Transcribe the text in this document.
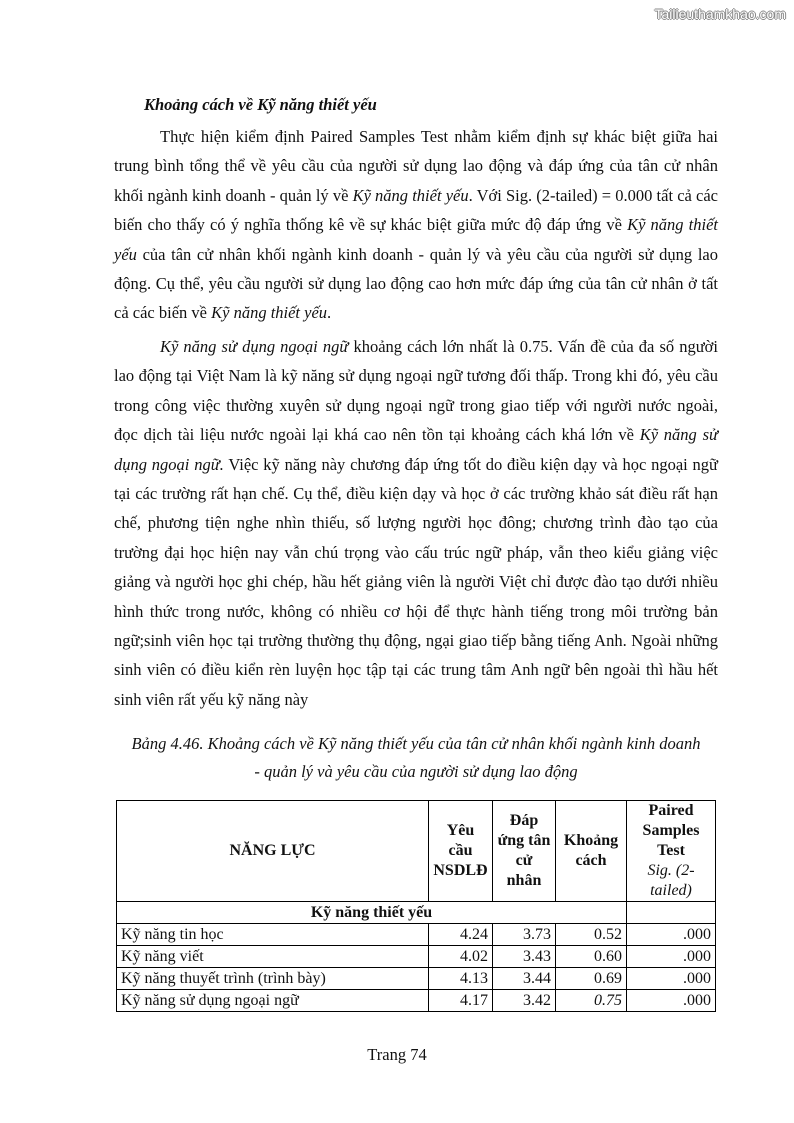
Tailieuthamkhao.com
Khoảng cách về Kỹ năng thiết yếu

Thực hiện kiểm định Paired Samples Test nhằm kiểm định sự khác biệt giữa hai trung bình tổng thể về yêu cầu của người sử dụng lao động và đáp ứng của tân cử nhân khối ngành kinh doanh - quản lý về Kỹ năng thiết yếu. Với Sig. (2-tailed) = 0.000 tất cả các biến cho thấy có ý nghĩa thống kê về sự khác biệt giữa mức độ đáp ứng về Kỹ năng thiết yếu của tân cử nhân khối ngành kinh doanh - quản lý và yêu cầu của người sử dụng lao động. Cụ thể, yêu cầu người sử dụng lao động cao hơn mức đáp ứng của tân cử nhân ở tất cả các biến về Kỹ năng thiết yếu.

Kỹ năng sử dụng ngoại ngữ khoảng cách lớn nhất là 0.75. Vấn đề của đa số người lao động tại Việt Nam là kỹ năng sử dụng ngoại ngữ tương đối thấp. Trong khi đó, yêu cầu trong công việc thường xuyên sử dụng ngoại ngữ trong giao tiếp với người nước ngoài, đọc dịch tài liệu nước ngoài lại khá cao nên tồn tại khoảng cách khá lớn về Kỹ năng sử dụng ngoại ngữ. Việc kỹ năng này chương đáp ứng tốt do điều kiện dạy và học ngoại ngữ tại các trường rất hạn chế. Cụ thể, điều kiện dạy và học ở các trường khảo sát điều rất hạn chế, phương tiện nghe nhìn thiếu, số lượng người học đông; chương trình đào tạo của trường đại học hiện nay vẫn chú trọng vào cấu trúc ngữ pháp, vẫn theo kiểu giảng việc giảng và người học ghi chép, hầu hết giảng viên là người Việt chỉ được đào tạo dưới nhiều hình thức trong nước, không có nhiều cơ hội để thực hành tiếng trong môi trường bản ngữ;sinh viên học tại trường thường thụ động, ngại giao tiếp bằng tiếng Anh. Ngoài những sinh viên có điều kiển rèn luyện học tập tại các trung tâm Anh ngữ bên ngoài thì hầu hết sinh viên rất yếu kỹ năng này

Bảng 4.46. Khoảng cách về Kỹ năng thiết yếu của tân cử nhân khối ngành kinh doanh
- quản lý và yêu cầu của người sử dụng lao động
NĂNG LỰC	Yêu cầu NSDLĐ	Đáp ứng tân cử nhân	Khoảng cách	Paired Samples Test
Sig. (2-tailed)

Kỹ năng thiết yếu				
Kỹ năng tin học	4.24	3.73	0.52	.000
Kỹ năng viết	4.02	3.43	0.60	.000
Kỹ năng thuyết trình (trình bày)	4.13	3.44	0.69	.000
Kỹ năng sử dụng ngoại ngữ	4.17	3.42	0.75	.000
Trang 74
